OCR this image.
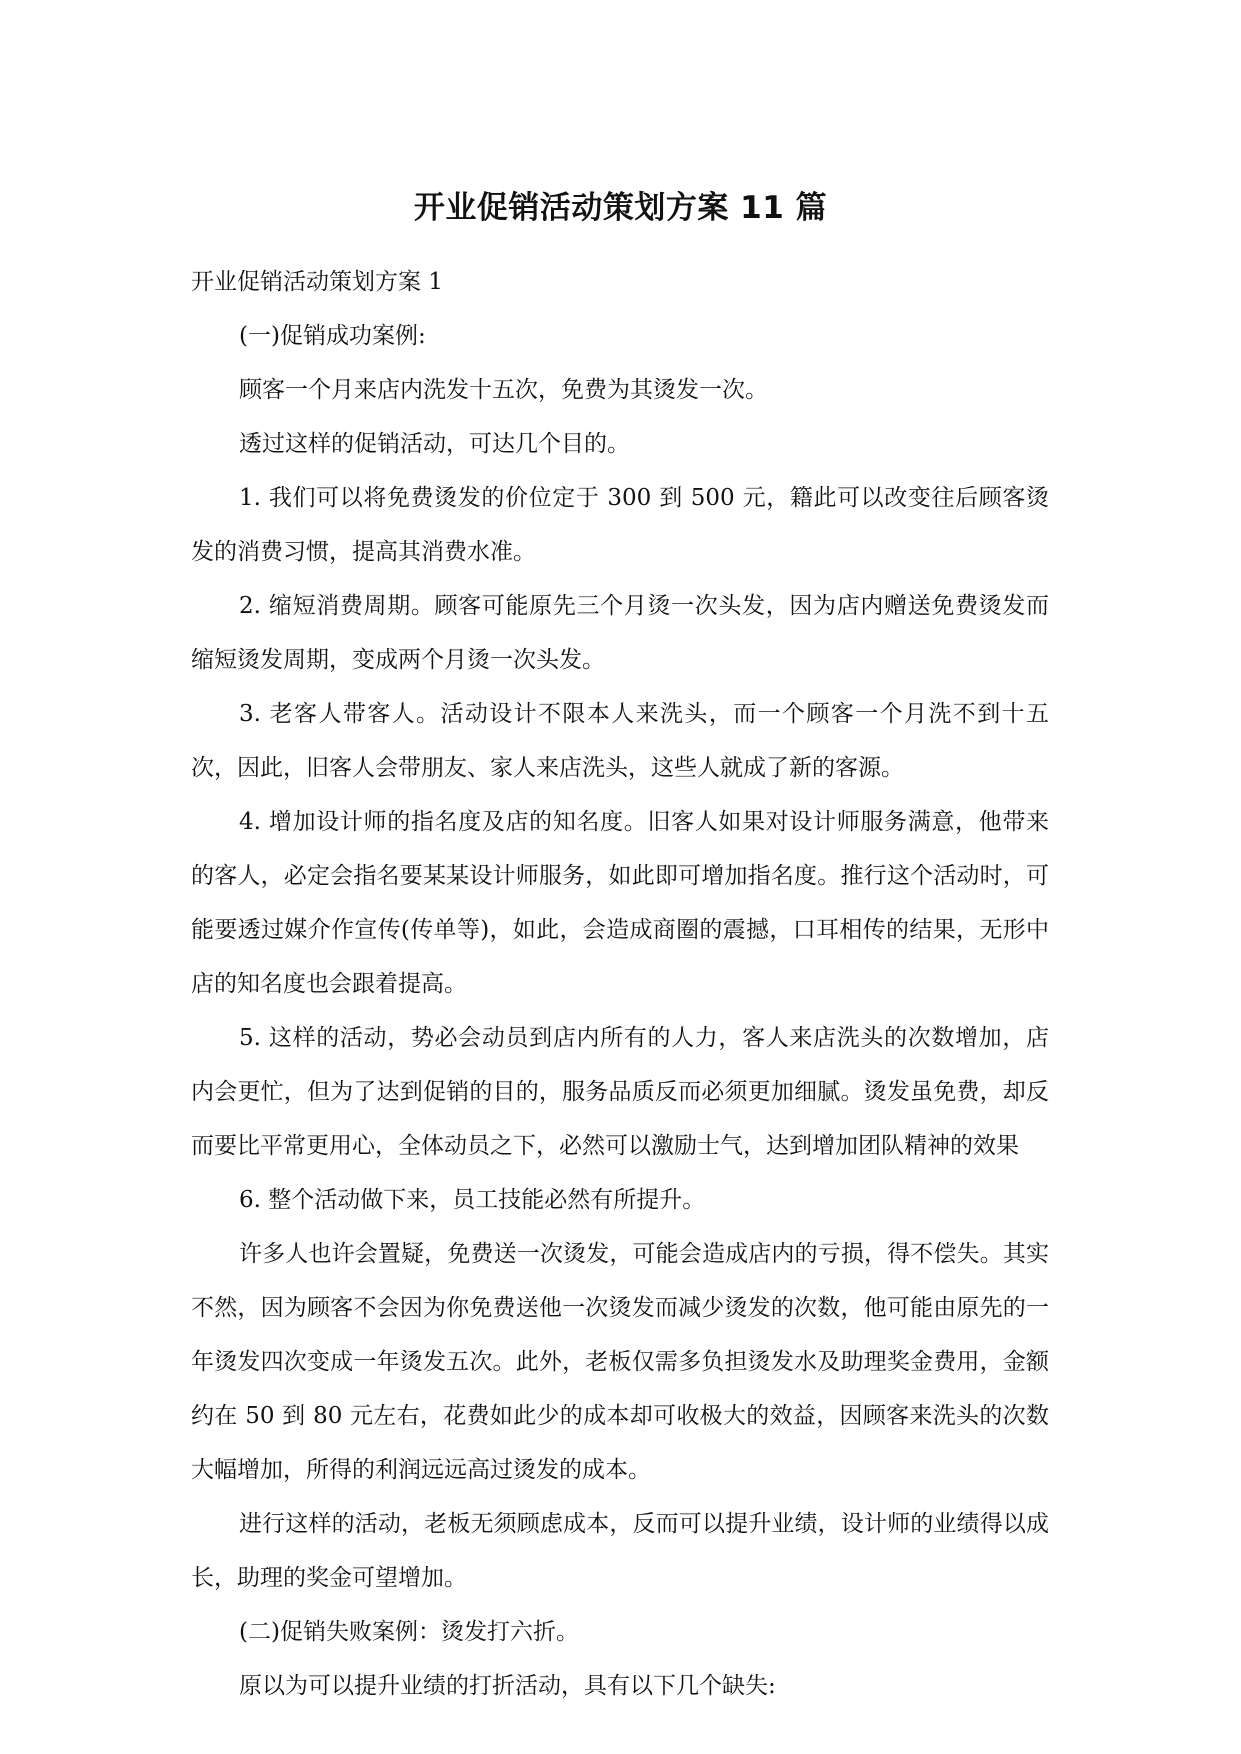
开业促销活动策划方案 11 篇

开业促销活动策划方案 1

(一)促销成功案例:

顾客一个月来店内洗发十五次，免费为其烫发一次。

透过这样的促销活动，可达几个目的。

1. 我们可以将免费烫发的价位定于 300 到 500 元，籍此可以改变往后顾客烫发的消费习惯，提高其消费水准。

2. 缩短消费周期。顾客可能原先三个月烫一次头发，因为店内赠送免费烫发而缩短烫发周期，变成两个月烫一次头发。

3. 老客人带客人。活动设计不限本人来洗头，而一个顾客一个月洗不到十五次，因此，旧客人会带朋友、家人来店洗头，这些人就成了新的客源。

4. 增加设计师的指名度及店的知名度。旧客人如果对设计师服务满意，他带来的客人，必定会指名要某某设计师服务，如此即可增加指名度。推行这个活动时，可能要透过媒介作宣传(传单等)，如此，会造成商圈的震撼，口耳相传的结果，无形中店的知名度也会跟着提高。

5. 这样的活动，势必会动员到店内所有的人力，客人来店洗头的次数增加，店内会更忙，但为了达到促销的目的，服务品质反而必须更加细腻。烫发虽免费，却反而要比平常更用心，全体动员之下，必然可以激励士气，达到增加团队精神的效果

6. 整个活动做下来，员工技能必然有所提升。

许多人也许会置疑，免费送一次烫发，可能会造成店内的亏损，得不偿失。其实不然，因为顾客不会因为你免费送他一次烫发而减少烫发的次数，他可能由原先的一年烫发四次变成一年烫发五次。此外，老板仅需多负担烫发水及助理奖金费用，金额约在 50 到 80 元左右，花费如此少的成本却可收极大的效益，因顾客来洗头的次数大幅增加，所得的利润远远高过烫发的成本。

进行这样的活动，老板无须顾虑成本，反而可以提升业绩，设计师的业绩得以成长，助理的奖金可望增加。

(二)促销失败案例：烫发打六折。

原以为可以提升业绩的打折活动，具有以下几个缺失:
